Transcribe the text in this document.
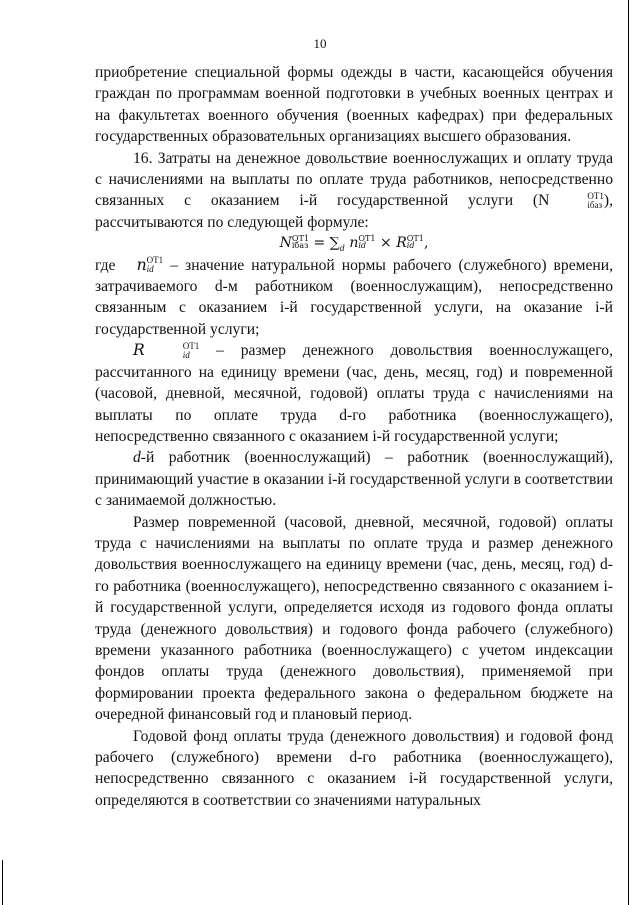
10

приобретение специальной формы одежды в части, касающейся обучения граждан по программам военной подготовки в учебных военных центрах и на факультетах военного обучения (военных кафедрах) при федеральных государственных образовательных организациях высшего образования.

16. Затраты на денежное довольствие военнослужащих и оплату труда с начислениями на выплаты по оплате труда работников, непосредственно связанных с оказанием i-й государственной услуги (N	ОТ1
iбаз ), рассчитываются по следующей формуле:

N ОТ1
iбаз = $\sum_d$ n ОТ1
id × R ОТ1
id ,

где   n ОТ1
id – значение натуральной нормы рабочего (служебного) времени, затрачиваемого d-м работником (военнослужащим), непосредственно связанным с оказанием i-й государственной услуги, на оказание i-й государственной услуги;

R	ОТ1
id – размер денежного довольствия военнослужащего, рассчитанного на единицу времени (час, день, месяц, год) и повременной (часовой, дневной, месячной, годовой) оплаты труда с начислениями на выплаты по оплате труда d-го работника (военнослужащего), непосредственно связанного с оказанием i-й государственной услуги;

d-й работник (военнослужащий) – работник (военнослужащий), принимающий участие в оказании i-й государственной услуги в соответствии с занимаемой должностью.

Размер повременной (часовой, дневной, месячной, годовой) оплаты труда с начислениями на выплаты по оплате труда и размер денежного довольствия военнослужащего на единицу времени (час, день, месяц, год) d-го работника (военнослужащего), непосредственно связанного с оказанием i-й государственной услуги, определяется исходя из годового фонда оплаты труда (денежного довольствия) и годового фонда рабочего (служебного) времени указанного работника (военнослужащего) с учетом индексации фондов оплаты труда (денежного довольствия), применяемой при формировании проекта федерального закона о федеральном бюджете на очередной финансовый год и плановый период.

Годовой фонд оплаты труда (денежного довольствия) и годовой фонд рабочего (служебного) времени d-го работника (военнослужащего), непосредственно связанного с оказанием i-й государственной услуги, определяются в соответствии со значениями натуральных
